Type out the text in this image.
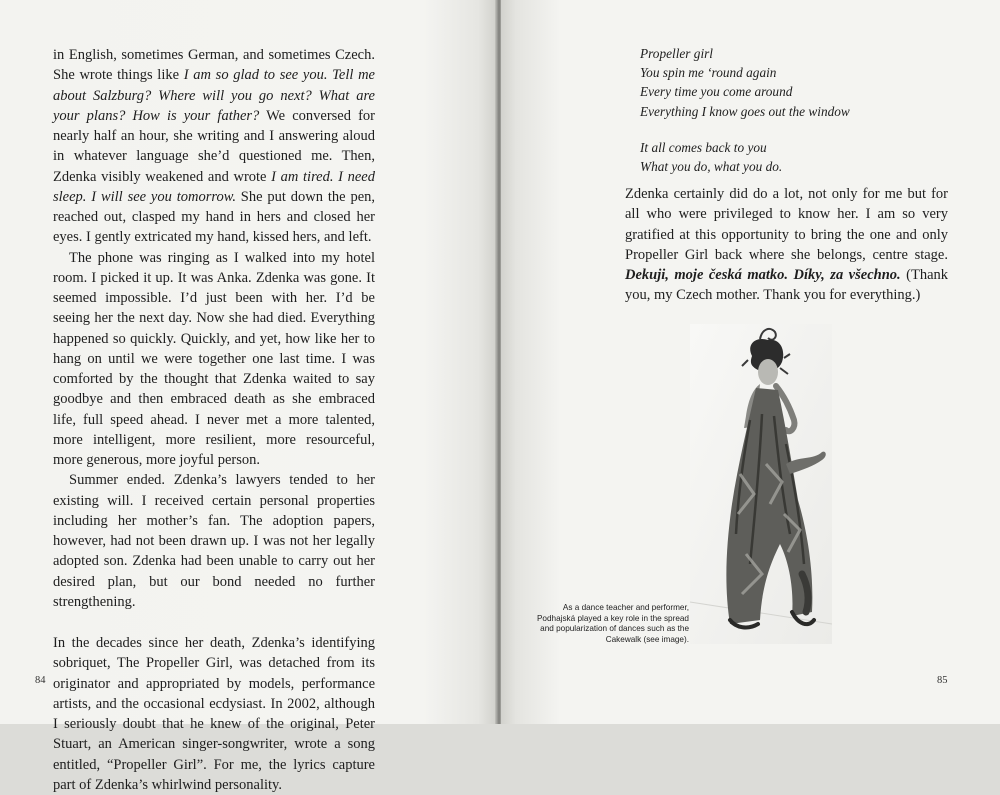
in English, sometimes German, and sometimes Czech. She wrote things like I am so glad to see you. Tell me about Salzburg? Where will you go next? What are your plans? How is your father? We conversed for nearly half an hour, she writing and I answering aloud in whatever language she’d questioned me. Then, Zdenka visibly weakened and wrote I am tired. I need sleep. I will see you tomorrow. She put down the pen, reached out, clasped my hand in hers and closed her eyes. I gently extricated my hand, kissed hers, and left.

The phone was ringing as I walked into my hotel room. I picked it up. It was Anka. Zdenka was gone. It seemed impossible. I’d just been with her. I’d be seeing her the next day. Now she had died. Everything happened so quickly. Quickly, and yet, how like her to hang on until we were together one last time. I was comforted by the thought that Zdenka waited to say goodbye and then embraced death as she embraced life, full speed ahead. I never met a more talented, more intelligent, more resilient, more resourceful, more generous, more joyful person.

Summer ended. Zdenka’s lawyers tended to her existing will. I received certain personal properties including her mother’s fan. The adoption papers, however, had not been drawn up. I was not her legally adopted son. Zdenka had been unable to carry out her desired plan, but our bond needed no further strengthening.

In the decades since her death, Zdenka’s identifying sobriquet, The Propeller Girl, was detached from its originator and appropriated by models, performance artists, and the occasional ecdysiast. In 2002, although I seriously doubt that he knew of the original, Peter Stuart, an American singer-songwriter, wrote a song entitled, “Propeller Girl”. For me, the lyrics capture part of Zdenka’s whirlwind personality.

84
Propeller girl
You spin me ‘round again
Every time you come around
Everything I know goes out the window
It all comes back to you
What you do, what you do.

Zdenka certainly did do a lot, not only for me but for all who were privileged to know her. I am so very gratified at this opportunity to bring the one and only Propeller Girl back where she belongs, centre stage. Dekuji, moje česká matko. Díky, za všechno. (Thank you, my Czech mother. Thank you for everything.)

As a dance teacher and performer, Podhajská played a key role in the spread and popularization of dances such as the Cakewalk (see image).
85
